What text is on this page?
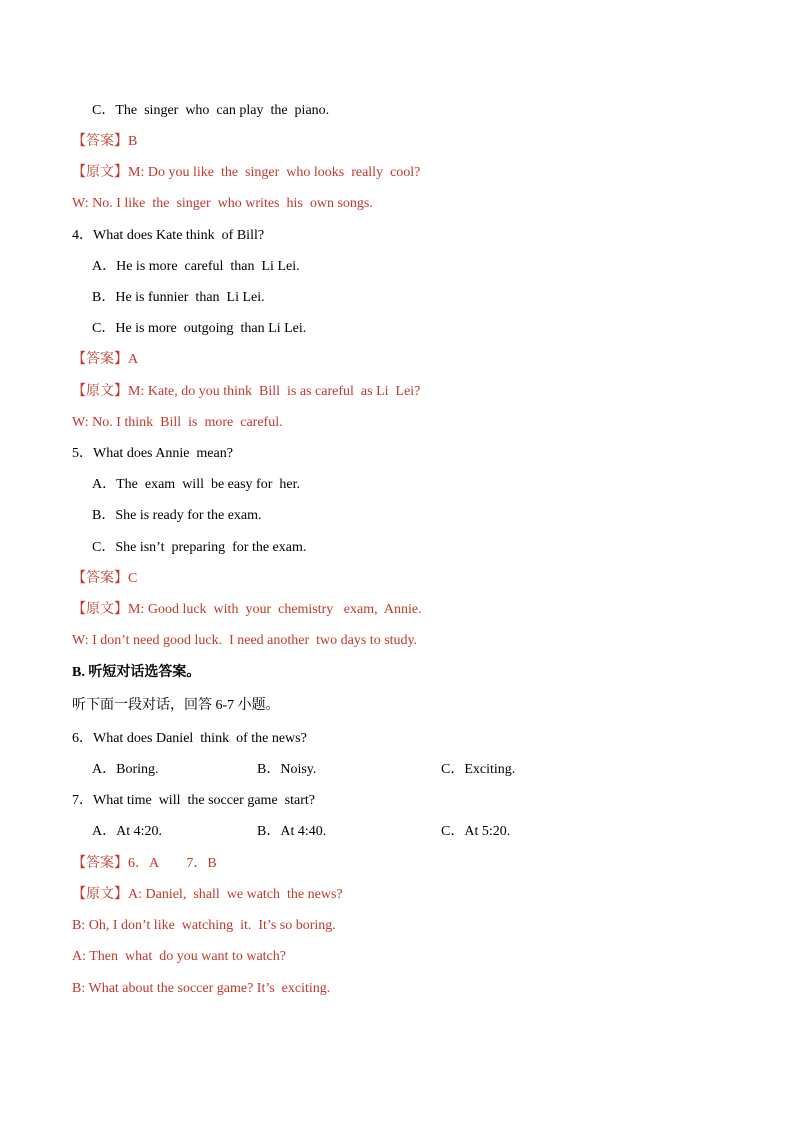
C．The  singer  who  can play  the  piano.
【答案】B
【原文】M: Do you like  the  singer  who looks  really  cool?
W: No. I like  the  singer  who writes  his  own songs.
4．What does Kate think  of Bill?
A．He is more  careful  than  Li Lei.
B．He is funnier  than  Li Lei.
C．He is more  outgoing  than Li Lei.
【答案】A
【原文】M: Kate, do you think  Bill  is as careful  as Li  Lei?
W: No. I think  Bill  is  more  careful.
5．What does Annie  mean?
A．The  exam  will  be easy for  her.
B．She is ready for the exam.
C．She isn’t  preparing  for the exam.
【答案】C
【原文】M: Good luck  with  your  chemistry   exam,  Annie.
W: I don’t need good luck.  I need another  two days to study.
B. 听短对话选答案。
听下面一段对话，回答 6-7 小题。
6．What does Daniel  think  of the news?
A．Boring.	B．Noisy.	C．Exciting.
7．What time  will  the soccer game  start?
A．At 4:20.	B．At 4:40.	C．At 5:20.
【答案】6．A        7．B
【原文】A: Daniel,  shall  we watch  the news?
B: Oh, I don’t like  watching  it.  It’s so boring.
A: Then  what  do you want to watch?
B: What about the soccer game? It’s  exciting.
